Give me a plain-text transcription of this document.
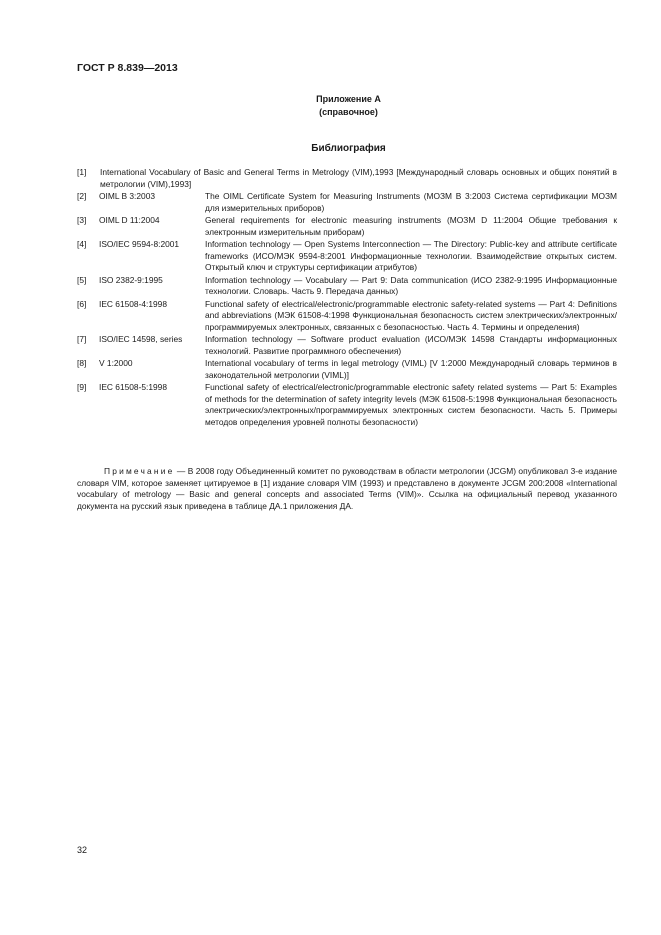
ГОСТ Р 8.839—2013
Приложение А
(справочное)
Библиография
[1]	International Vocabulary of Basic and General Terms in Metrology (VIM),1993 [Международный словарь основных и общих понятий в метрологии (VIM),1993]
[2]	OIML B 3:2003	The OIML Certificate System for Measuring Instruments (МОЗМ В 3:2003 Система сертификации МОЗМ для измерительных приборов)
[3]	OIML D 11:2004	General requirements for electronic measuring instruments (МОЗМ D 11:2004 Общие требования к электронным измерительным приборам)
[4]	ISO/IEC 9594-8:2001	Information technology — Open Systems Interconnection — The Directory: Public-key and attribute certificate frameworks (ИСО/МЭК 9594-8:2001 Информационные технологии. Взаимодействие открытых систем. Открытый ключ и структуры сертификации атрибутов)
[5]	ISO 2382-9:1995	Information technology — Vocabulary — Part 9: Data communication (ИСО 2382-9:1995 Информационные технологии. Словарь. Часть 9. Передача данных)
[6]	IEC 61508-4:1998	Functional safety of electrical/electronic/programmable electronic safety-related systems — Part 4: Definitions and abbreviations (МЭК 61508-4:1998 Функциональная безопасность систем электрических/электронных/программируемых электронных, связанных с безопасностью. Часть 4. Термины и определения)
[7]	ISO/IEC 14598, series	Information technology — Software product evaluation (ИСО/МЭК 14598 Стандарты информационных технологий. Развитие программного обеспечения)
[8]	V 1:2000	International vocabulary of terms in legal metrology (VIML) [V 1:2000 Международный словарь терминов в законодательной метрологии (VIML)]
[9]	IEC 61508-5:1998	Functional safety of electrical/electronic/programmable electronic safety related systems — Part 5: Examples of methods for the determination of safety integrity levels (МЭК 61508-5:1998 Функциональная безопасность электрических/электронных/программируемых электронных систем безопасности. Часть 5. Примеры методов определения уровней полноты безопасности)
Примечание — В 2008 году Объединенный комитет по руководствам в области метрологии (JCGM) опубликовал 3-е издание словаря VIM, которое заменяет цитируемое в [1] издание словаря VIM (1993) и представлено в документе JCGM 200:2008 «International vocabulary of metrology — Basic and general concepts and associated Terms (VIM)». Ссылка на официальный перевод указанного документа на русский язык приведена в таблице ДА.1 приложения ДА.
32
